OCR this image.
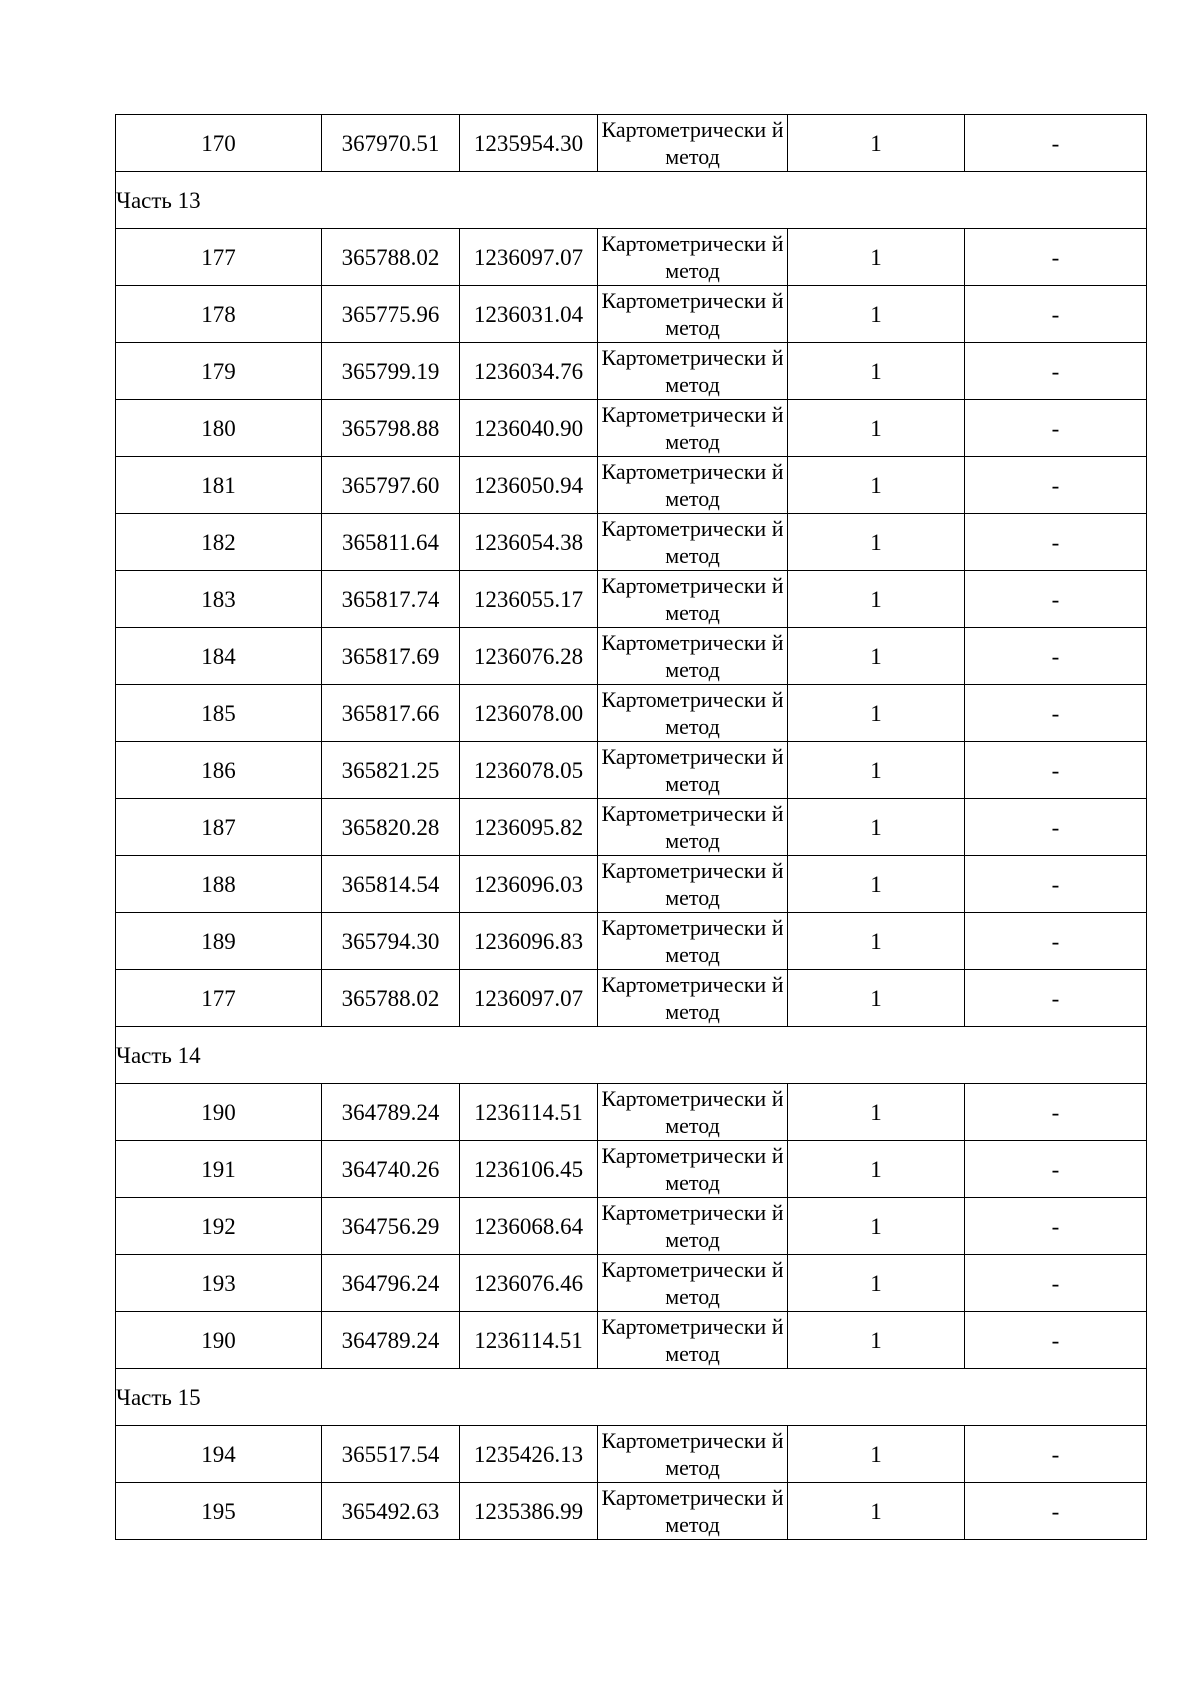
170	367970.51	1235954.30	Картометрически й метод	1	-
Часть 13					
177	365788.02	1236097.07	Картометрически й метод	1	-
178	365775.96	1236031.04	Картометрически й метод	1	-
179	365799.19	1236034.76	Картометрически й метод	1	-
180	365798.88	1236040.90	Картометрически й метод	1	-
181	365797.60	1236050.94	Картометрически й метод	1	-
182	365811.64	1236054.38	Картометрически й метод	1	-
183	365817.74	1236055.17	Картометрически й метод	1	-
184	365817.69	1236076.28	Картометрически й метод	1	-
185	365817.66	1236078.00	Картометрически й метод	1	-
186	365821.25	1236078.05	Картометрически й метод	1	-
187	365820.28	1236095.82	Картометрически й метод	1	-
188	365814.54	1236096.03	Картометрически й метод	1	-
189	365794.30	1236096.83	Картометрически й метод	1	-
177	365788.02	1236097.07	Картометрически й метод	1	-
Часть 14					
190	364789.24	1236114.51	Картометрически й метод	1	-
191	364740.26	1236106.45	Картометрически й метод	1	-
192	364756.29	1236068.64	Картометрически й метод	1	-
193	364796.24	1236076.46	Картометрически й метод	1	-
190	364789.24	1236114.51	Картометрически й метод	1	-
Часть 15					
194	365517.54	1235426.13	Картометрически й метод	1	-
195	365492.63	1235386.99	Картометрически й метод	1	-
